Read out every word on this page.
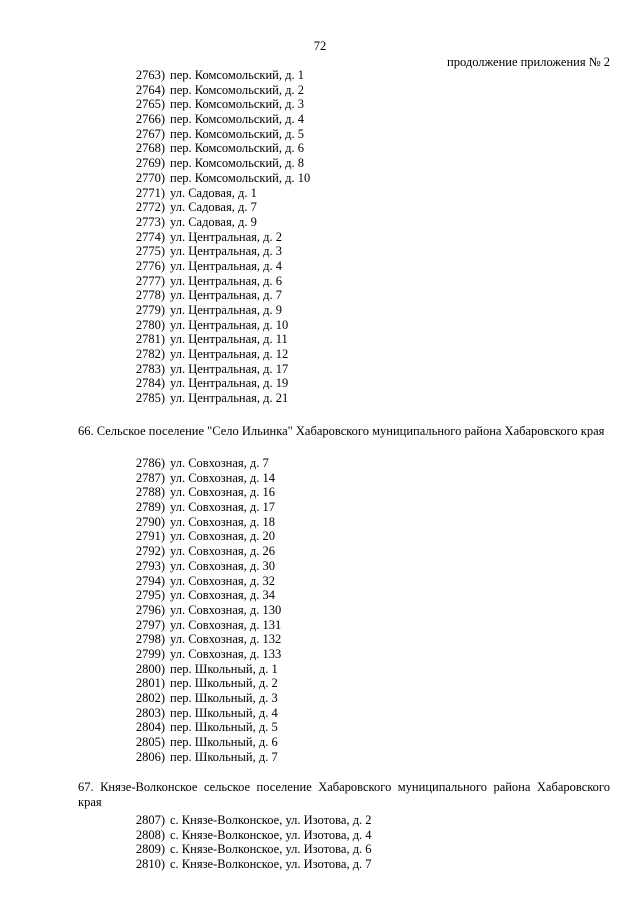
72
продолжение приложения № 2
2763) пер. Комсомольский, д. 1
2764) пер. Комсомольский, д. 2
2765) пер. Комсомольский, д. 3
2766) пер. Комсомольский, д. 4
2767) пер. Комсомольский, д. 5
2768) пер. Комсомольский, д. 6
2769) пер. Комсомольский, д. 8
2770) пер. Комсомольский, д. 10
2771) ул. Садовая, д. 1
2772) ул. Садовая, д. 7
2773) ул. Садовая, д. 9
2774) ул. Центральная, д. 2
2775) ул. Центральная, д. 3
2776) ул. Центральная, д. 4
2777) ул. Центральная, д. 6
2778) ул. Центральная, д. 7
2779) ул. Центральная, д. 9
2780) ул. Центральная, д. 10
2781) ул. Центральная, д. 11
2782) ул. Центральная, д. 12
2783) ул. Центральная, д. 17
2784) ул. Центральная, д. 19
2785) ул. Центральная, д. 21

66. Сельское поселение "Село Ильинка" Хабаровского муниципального района Хабаровского края

2786) ул. Совхозная, д. 7
2787) ул. Совхозная, д. 14
2788) ул. Совхозная, д. 16
2789) ул. Совхозная, д. 17
2790) ул. Совхозная, д. 18
2791) ул. Совхозная, д. 20
2792) ул. Совхозная, д. 26
2793) ул. Совхозная, д. 30
2794) ул. Совхозная, д. 32
2795) ул. Совхозная, д. 34
2796) ул. Совхозная, д. 130
2797) ул. Совхозная, д. 131
2798) ул. Совхозная, д. 132
2799) ул. Совхозная, д. 133
2800) пер. Школьный, д. 1
2801) пер. Школьный, д. 2
2802) пер. Школьный, д. 3
2803) пер. Школьный, д. 4
2804) пер. Школьный, д. 5
2805) пер. Школьный, д. 6
2806) пер. Школьный, д. 7

67. Князе-Волконское сельское поселение Хабаровского муниципального района Хабаровского края

2807) с. Князе-Волконское, ул. Изотова, д. 2
2808) с. Князе-Волконское, ул. Изотова, д. 4
2809) с. Князе-Волконское, ул. Изотова, д. 6
2810) с. Князе-Волконское, ул. Изотова, д. 7
